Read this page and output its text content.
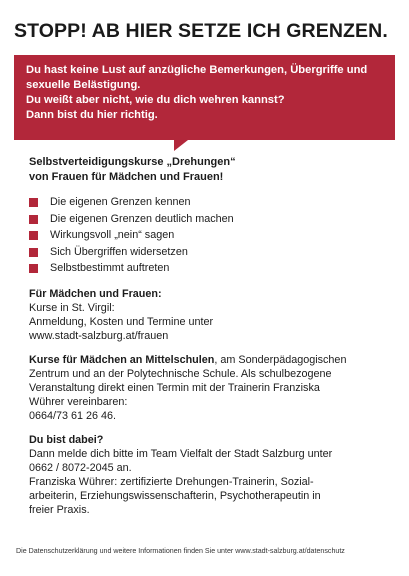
STOPP! AB HIER SETZE ICH GRENZEN.
Du hast keine Lust auf anzügliche Bemerkungen, Übergriffe und
sexuelle Belästigung.
Du weißt aber nicht, wie du dich wehren kannst?
Dann bist du hier richtig.
Selbstverteidigungskurse „Drehungen“
von Frauen für Mädchen und Frauen!
Die eigenen Grenzen kennen
Die eigenen Grenzen deutlich machen
Wirkungsvoll „nein“ sagen
Sich Übergriffen widersetzen
Selbstbestimmt auftreten
Für Mädchen und Frauen:
Kurse in St. Virgil:
Anmeldung, Kosten und Termine unter
www.stadt-salzburg.at/frauen
Kurse für Mädchen an Mittelschulen, am Sonderpädagogischen
Zentrum und an der Polytechnische Schule. Als schulbezogene
Veranstaltung direkt einen Termin mit der Trainerin Franziska
Wührer vereinbaren:
0664/73 61 26 46.
Du bist dabei?
Dann melde dich bitte im Team Vielfalt der Stadt Salzburg unter
0662 / 8072-2045 an.
Franziska Wührer: zertifizierte Drehungen-Trainerin, Sozial-
arbeiterin, Erziehungswissenschafterin, Psychotherapeutin in
freier Praxis.
Die Datenschutzerklärung und weitere Informationen finden Sie unter www.stadt-salzburg.at/datenschutz
